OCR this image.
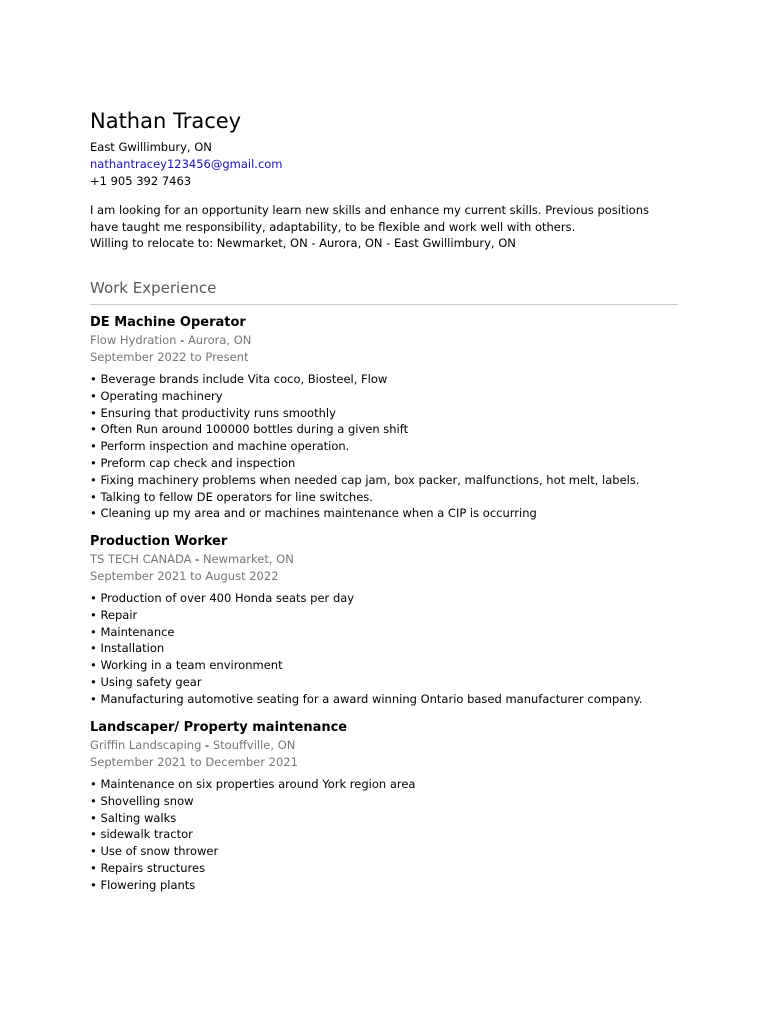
Nathan Tracey
East Gwillimbury, ON
nathantracey123456@gmail.com
+1 905 392 7463

I am looking for an opportunity learn new skills and enhance my current skills. Previous positions have taught me responsibility, adaptability, to be flexible and work well with others.

Willing to relocate to: Newmarket, ON - Aurora, ON - East Gwillimbury, ON

Work Experience
DE Machine Operator
Flow Hydration - Aurora, ON
September 2022 to Present
• Beverage brands include Vita coco, Biosteel, Flow
• Operating machinery
• Ensuring that productivity runs smoothly
• Often Run around 100000 bottles during a given shift
• Perform inspection and machine operation.
• Preform cap check and inspection
• Fixing machinery problems when needed cap jam, box packer, malfunctions, hot melt, labels.
• Talking to fellow DE operators for line switches.
• Cleaning up my area and or machines maintenance when a CIP is occurring
Production Worker
TS TECH CANADA - Newmarket, ON
September 2021 to August 2022
• Production of over 400 Honda seats per day
• Repair
• Maintenance
• Installation
• Working in a team environment
• Using safety gear
• Manufacturing automotive seating for a award winning Ontario based manufacturer company.
Landscaper/ Property maintenance
Griffin Landscaping - Stouffville, ON
September 2021 to December 2021
• Maintenance on six properties around York region area
• Shovelling snow
• Salting walks
• sidewalk tractor
• Use of snow thrower
• Repairs structures
• Flowering plants
